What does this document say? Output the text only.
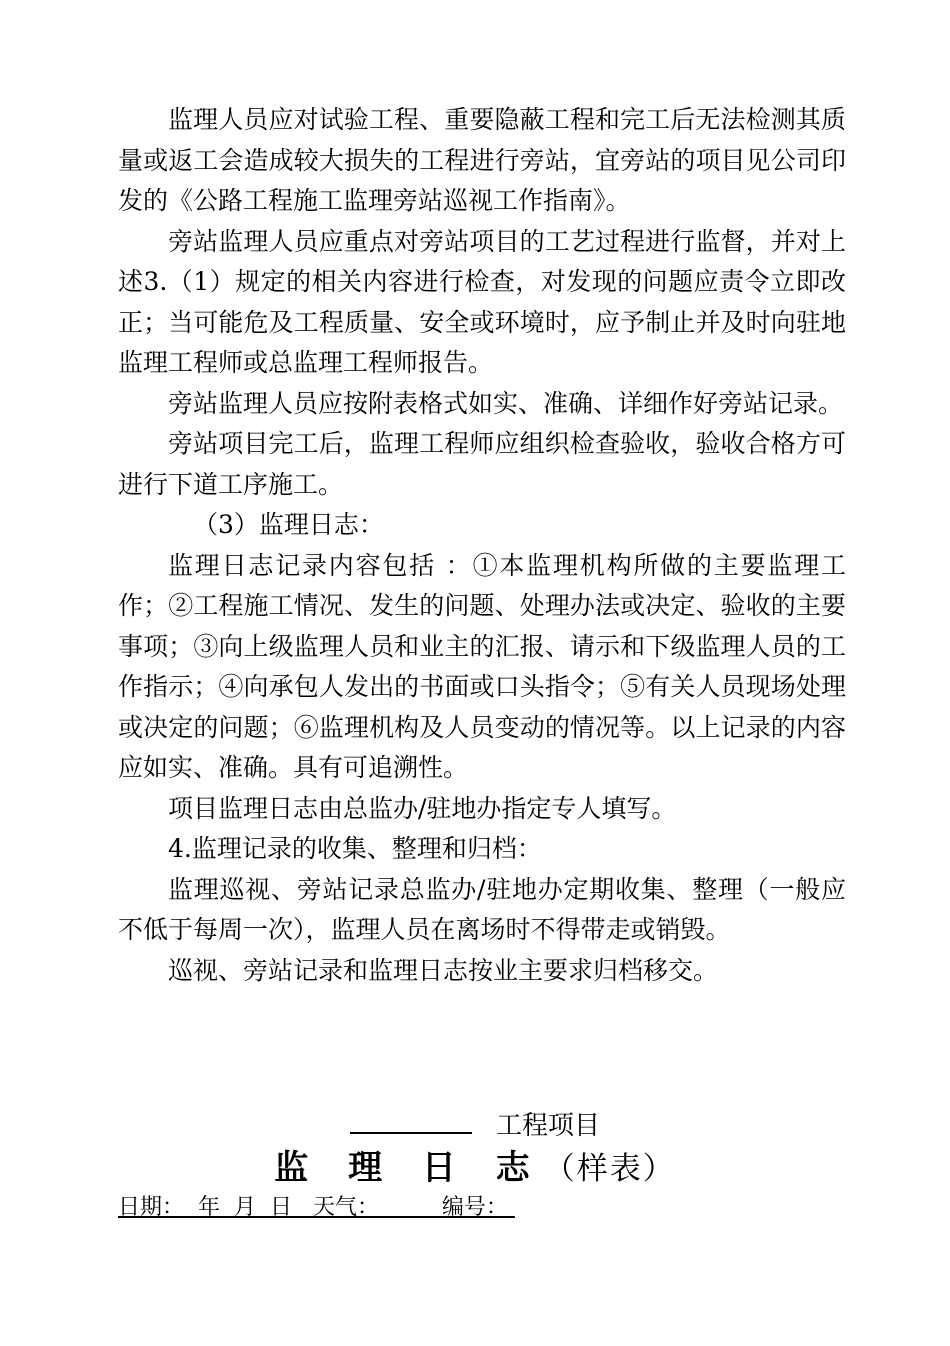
监理人员应对试验工程、重要隐蔽工程和完工后无法检测其质量或返工会造成较大损失的工程进行旁站，宜旁站的项目见公司印发的《公路工程施工监理旁站巡视工作指南》。

旁站监理人员应重点对旁站项目的工艺过程进行监督，并对上述3.（1）规定的相关内容进行检查，对发现的问题应责令立即改正；当可能危及工程质量、安全或环境时，应予制止并及时向驻地监理工程师或总监理工程师报告。

旁站监理人员应按附表格式如实、准确、详细作好旁站记录。

旁站项目完工后，监理工程师应组织检查验收，验收合格方可进行下道工序施工。

（3）监理日志：

监理日志记录内容包括 ：①本监理机构所做的主要监理工作；②工程施工情况、发生的问题、处理办法或决定、验收的主要事项；③向上级监理人员和业主的汇报、请示和下级监理人员的工作指示；④向承包人发出的书面或口头指令；⑤有关人员现场处理或决定的问题；⑥监理机构及人员变动的情况等。以上记录的内容应如实、准确。具有可追溯性。

项目监理日志由总监办/驻地办指定专人填写。

4.监理记录的收集、整理和归档：

监理巡视、旁站记录总监办/驻地办定期收集、整理（一般应不低于每周一次），监理人员在离场时不得带走或销毁。

巡视、旁站记录和监理日志按业主要求归档移交。

工程项目
监 理 日 志（样表）
日期：  年  月  日   天气：         编号：
